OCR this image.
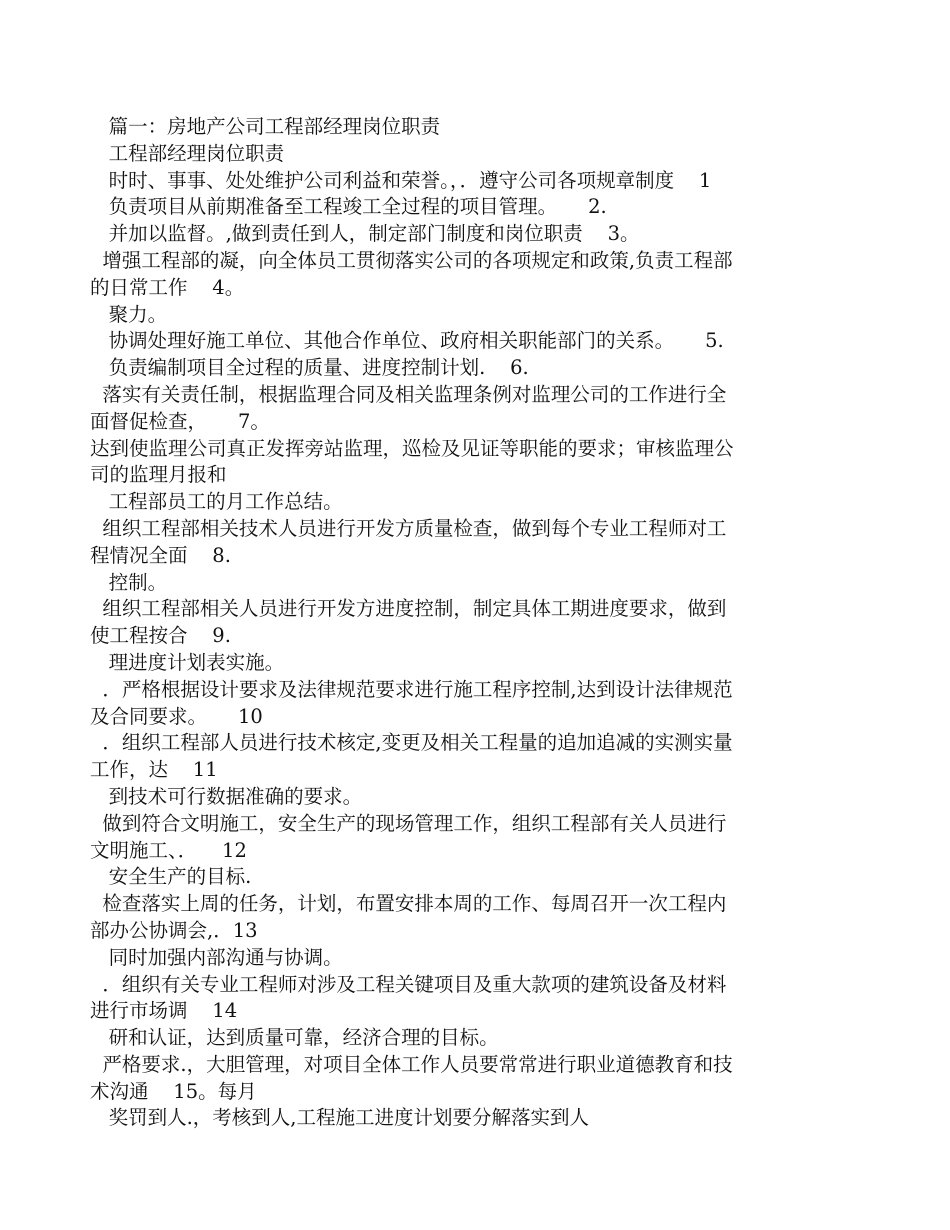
篇一：房地产公司工程部经理岗位职责

工程部经理岗位职责

时时、事事、处处维护公司利益和荣誉。，．遵守公司各项规章制度    1

负责项目从前期准备至工程竣工全过程的项目管理。     2.

并加以监督。,做到责任到人，制定部门制度和岗位职责    3。

增强工程部的凝，向全体员工贯彻落实公司的各项规定和政策,负责工程部

的日常工作    4。

聚力。

协调处理好施工单位、其他合作单位、政府相关职能部门的关系。     5.

负责编制项目全过程的质量、进度控制计划.    6.

落实有关责任制，根据监理合同及相关监理条例对监理公司的工作进行全

面督促检查，     7。

达到使监理公司真正发挥旁站监理，巡检及见证等职能的要求；审核监理公

司的监理月报和

工程部员工的月工作总结。

组织工程部相关技术人员进行开发方质量检查，做到每个专业工程师对工

程情况全面    8.

控制。

组织工程部相关人员进行开发方进度控制，制定具体工期进度要求，做到

使工程按合    9.

理进度计划表实施。

．严格根据设计要求及法律规范要求进行施工程序控制,达到设计法律规范

及合同要求。     10

．组织工程部人员进行技术核定,变更及相关工程量的追加追减的实测实量

工作，达    11

到技术可行数据准确的要求。

做到符合文明施工，安全生产的现场管理工作，组织工程部有关人员进行

文明施工、．    12

安全生产的目标.

检查落实上周的任务，计划，布置安排本周的工作、每周召开一次工程内

部办公协调会,．13

同时加强内部沟通与协调。

．组织有关专业工程师对涉及工程关键项目及重大款项的建筑设备及材料

进行市场调    14

研和认证，达到质量可靠，经济合理的目标。

严格要求.，大胆管理，对项目全体工作人员要常常进行职业道德教育和技

术沟通    15。每月

奖罚到人.，考核到人,工程施工进度计划要分解落实到人
